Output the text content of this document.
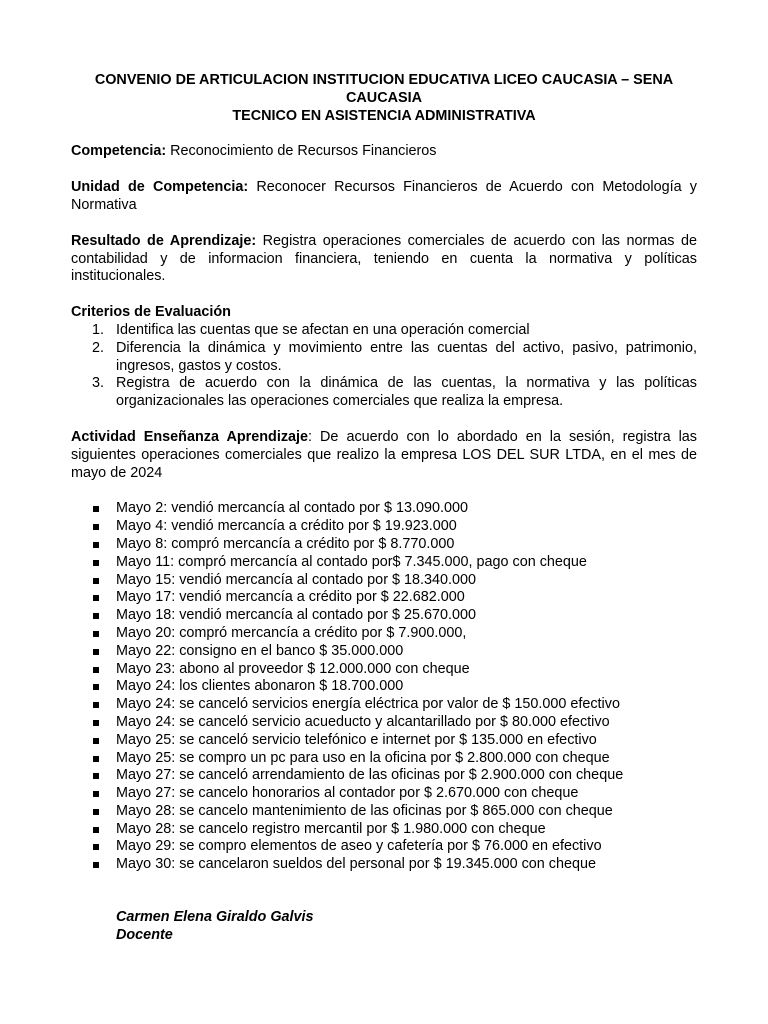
CONVENIO DE ARTICULACION INSTITUCION EDUCATIVA LICEO CAUCASIA – SENA
CAUCASIA
TECNICO EN ASISTENCIA ADMINISTRATIVA

Competencia: Reconocimiento de Recursos Financieros

Unidad de Competencia: Reconocer Recursos Financieros de Acuerdo con Metodología y Normativa

Resultado de Aprendizaje: Registra operaciones comerciales de acuerdo con las normas de contabilidad y de informacion financiera, teniendo en cuenta la normativa y políticas institucionales.

Criterios de Evaluación
1. Identifica las cuentas que se afectan en una operación comercial
2. Diferencia la dinámica y movimiento entre las cuentas del activo, pasivo, patrimonio, ingresos, gastos y costos.
3. Registra de acuerdo con la dinámica de las cuentas, la normativa y las políticas organizacionales las operaciones comerciales que realiza la empresa.

Actividad Enseñanza Aprendizaje: De acuerdo con lo abordado en la sesión, registra las siguientes operaciones comerciales que realizo la empresa LOS DEL SUR LTDA, en el mes de mayo de 2024

Mayo 2: vendió mercancía al contado por $ 13.090.000
Mayo 4: vendió mercancía a crédito por $ 19.923.000
Mayo 8: compró mercancía a crédito por $ 8.770.000
Mayo 11: compró mercancía al contado por$ 7.345.000, pago con cheque
Mayo 15: vendió mercancía al contado por $ 18.340.000
Mayo 17: vendió mercancía a crédito por $ 22.682.000
Mayo 18: vendió mercancía al contado por $ 25.670.000
Mayo 20: compró mercancía a crédito por $ 7.900.000,
Mayo 22: consigno en el banco $ 35.000.000
Mayo 23: abono al proveedor $ 12.000.000 con cheque
Mayo 24: los clientes abonaron $ 18.700.000
Mayo 24: se canceló servicios energía eléctrica por valor de $ 150.000 efectivo
Mayo 24: se canceló servicio acueducto y alcantarillado por $ 80.000 efectivo
Mayo 25: se canceló servicio telefónico e internet por $ 135.000 en efectivo
Mayo 25: se compro un pc para uso en la oficina por $ 2.800.000 con cheque
Mayo 27: se canceló arrendamiento de las oficinas por $ 2.900.000 con cheque
Mayo 27: se cancelo honorarios al contador por $ 2.670.000 con cheque
Mayo 28: se cancelo mantenimiento de las oficinas por $ 865.000 con cheque
Mayo 28: se cancelo registro mercantil por $ 1.980.000 con cheque
Mayo 29: se compro elementos de aseo y cafetería por $ 76.000 en efectivo
Mayo 30: se cancelaron sueldos del personal por $ 19.345.000 con cheque
Carmen Elena Giraldo Galvis
Docente
